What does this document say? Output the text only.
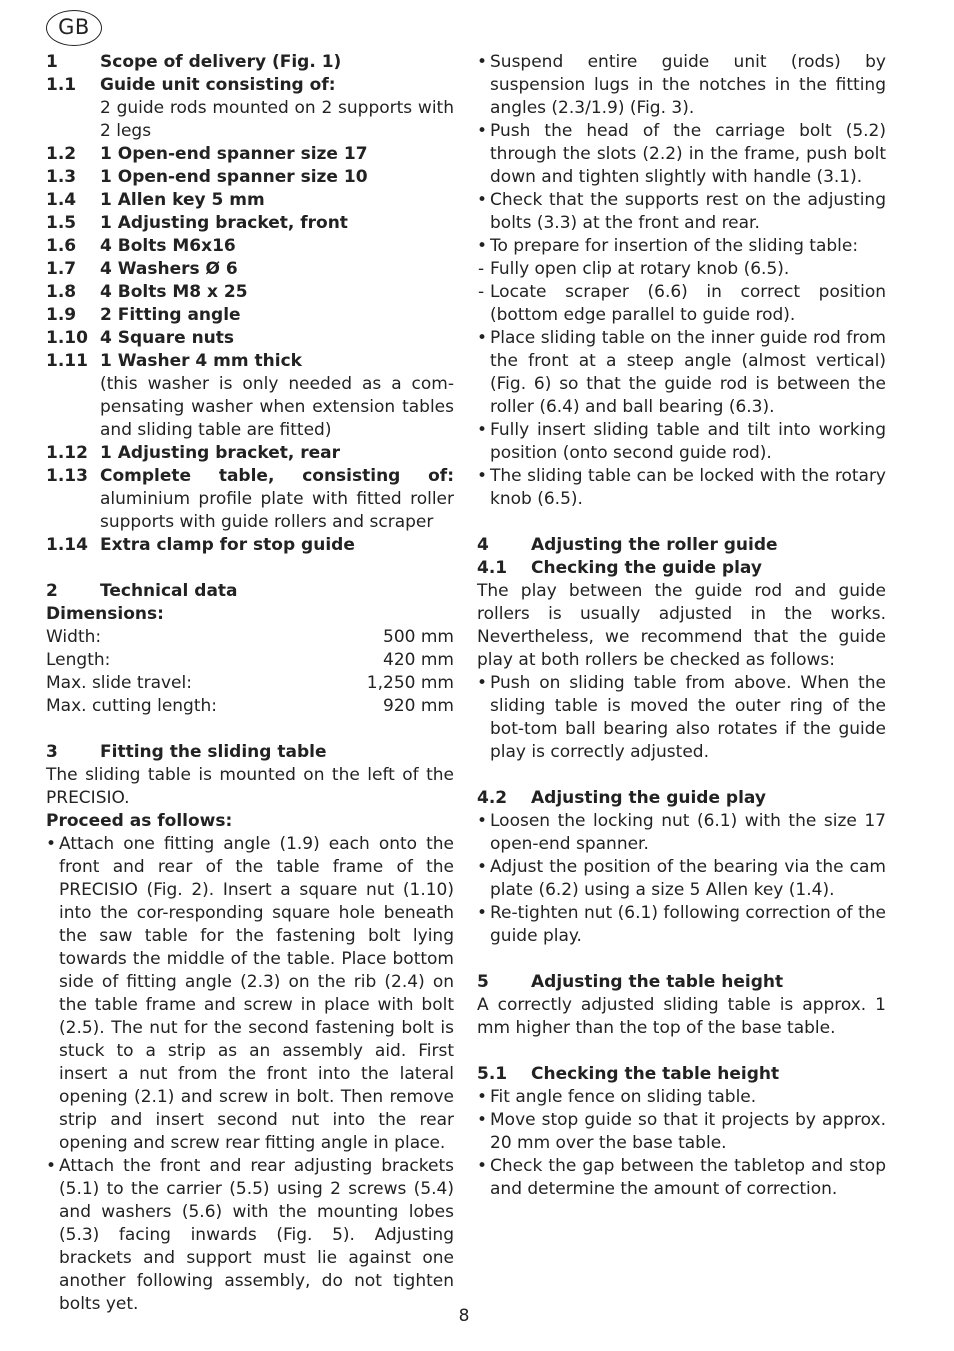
GB
1	Scope of delivery (Fig. 1)
1.1	Guide unit consisting of:
2 guide rods mounted on 2 supports with 2 legs
1.2	1 Open-end spanner size 17
1.3	1 Open-end spanner size 10
1.4	1 Allen key 5 mm
1.5	1 Adjusting bracket, front
1.6	4 Bolts M6x16
1.7	4 Washers Ø 6
1.8	4 Bolts M8 x 25
1.9	2 Fitting angle
1.10 4 Square nuts
1.11 1 Washer 4 mm thick
(this washer is only needed as a com-pensating washer when extension tables and sliding table are fitted)
1.12 1 Adjusting bracket, rear
1.13 Complete table, consisting of: aluminium profile plate with fitted roller supports with guide rollers and scraper
1.14 Extra clamp for stop guide
2	Technical data
Dimensions:
Width:	500 mm
Length:	420 mm
Max. slide travel:	1,250 mm
Max. cutting length:	920 mm
3	Fitting the sliding table
The sliding table is mounted on the left of the PRECISIO.
Proceed as follows:
• Attach one fitting angle (1.9) each onto the front and rear of the table frame of the PRECISIO (Fig. 2). Insert a square nut (1.10) into the cor-responding square hole beneath the saw table for the fastening bolt lying towards the middle of the table. Place bottom side of fitting angle (2.3) on the rib (2.4) on the table frame and screw in place with bolt (2.5). The nut for the second fastening bolt is stuck to a strip as an assembly aid. First insert a nut from the front into the lateral opening (2.1) and screw in bolt. Then remove strip and insert second nut into the rear opening and screw rear fitting angle in place.
• Attach the front and rear adjusting brackets (5.1) to the carrier (5.5) using 2 screws (5.4) and washers (5.6) with the mounting lobes (5.3) facing inwards (Fig. 5). Adjusting brackets and support must lie against one another following assembly, do not tighten bolts yet.
• Suspend entire guide unit (rods) by suspension lugs in the notches in the fitting angles (2.3/1.9) (Fig. 3).
• Push the head of the carriage bolt (5.2) through the slots (2.2) in the frame, push bolt down and tighten slightly with handle (3.1).
• Check that the supports rest on the adjusting bolts (3.3) at the front and rear.
• To prepare for insertion of the sliding table:
- Fully open clip at rotary knob (6.5).
- Locate scraper (6.6) in correct position (bottom edge parallel to guide rod).
• Place sliding table on the inner guide rod from the front at a steep angle (almost vertical) (Fig. 6) so that the guide rod is between the roller (6.4) and ball bearing (6.3).
• Fully insert sliding table and tilt into working position (onto second guide rod).
• The sliding table can be locked with the rotary knob (6.5).
4	Adjusting the roller guide
4.1	Checking the guide play
The play between the guide rod and guide rollers is usually adjusted in the works. Nevertheless, we recommend that the guide play at both rollers be checked as follows:
• Push on sliding table from above. When the sliding table is moved the outer ring of the bot-tom ball bearing also rotates if the guide play is correctly adjusted.
4.2	Adjusting the guide play
• Loosen the locking nut (6.1) with the size 17 open-end spanner.
• Adjust the position of the bearing via the cam plate (6.2) using a size 5 Allen key (1.4).
• Re-tighten nut (6.1) following correction of the guide play.
5	Adjusting the table height
A correctly adjusted sliding table is approx. 1 mm higher than the top of the base table.
5.1	Checking the table height
• Fit angle fence on sliding table.
• Move stop guide so that it projects by approx. 20 mm over the base table.
• Check the gap between the tabletop and stop and determine the amount of correction.
8
